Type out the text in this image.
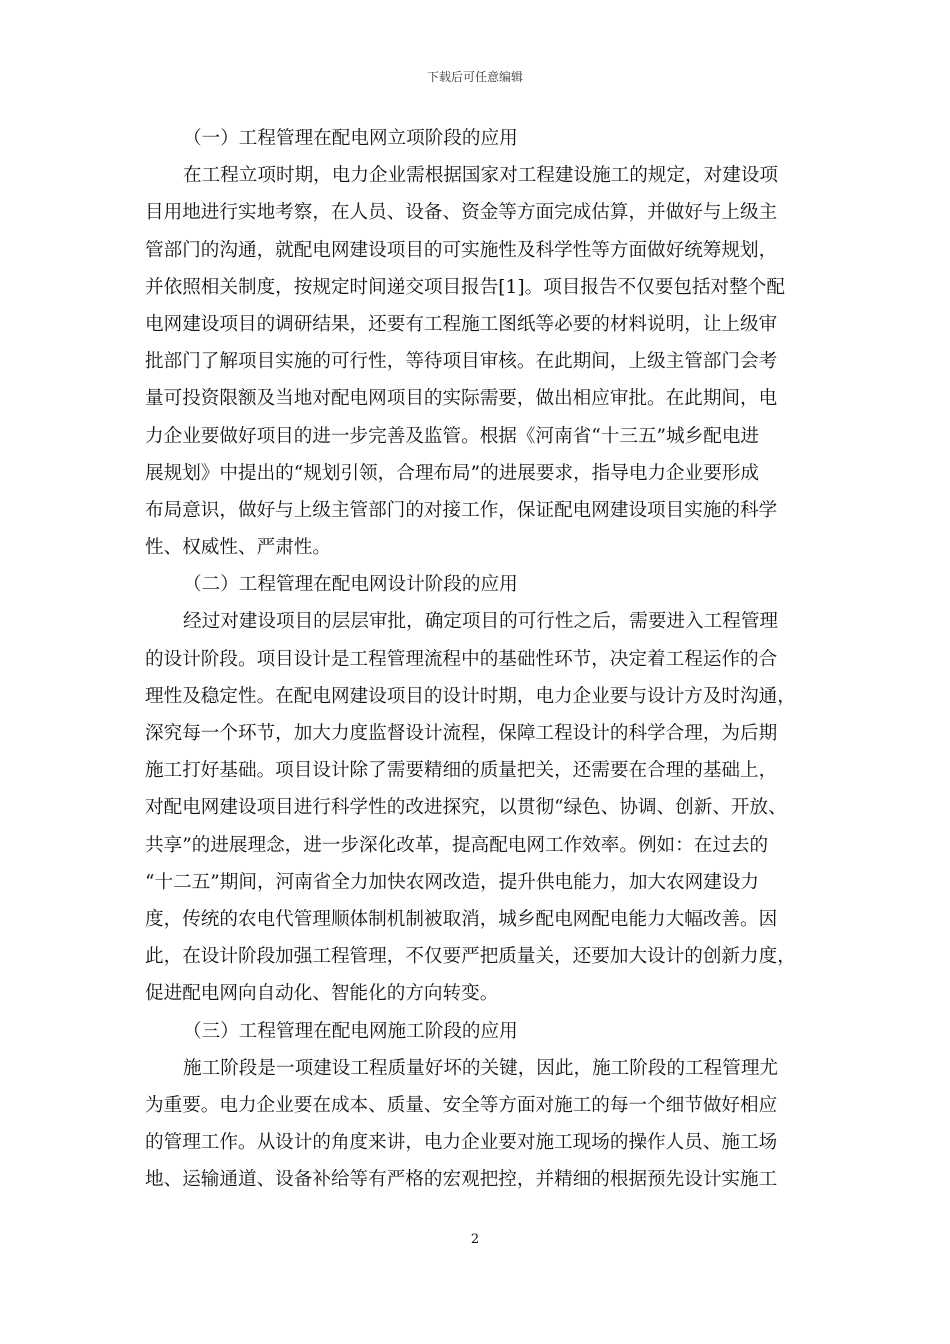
下载后可任意编辑
（一）工程管理在配电网立项阶段的应用
在工程立项时期，电力企业需根据国家对工程建设施工的规定，对建设项
目用地进行实地考察，在人员、设备、资金等方面完成估算，并做好与上级主
管部门的沟通，就配电网建设项目的可实施性及科学性等方面做好统筹规划，
并依照相关制度，按规定时间递交项目报告[1]。项目报告不仅要包括对整个配
电网建设项目的调研结果，还要有工程施工图纸等必要的材料说明，让上级审
批部门了解项目实施的可行性，等待项目审核。在此期间，上级主管部门会考
量可投资限额及当地对配电网项目的实际需要，做出相应审批。在此期间，电
力企业要做好项目的进一步完善及监管。根据《河南省“十三五”城乡配电进
展规划》中提出的“规划引领，合理布局”的进展要求，指导电力企业要形成
布局意识，做好与上级主管部门的对接工作，保证配电网建设项目实施的科学
性、权威性、严肃性。
（二）工程管理在配电网设计阶段的应用
经过对建设项目的层层审批，确定项目的可行性之后，需要进入工程管理
的设计阶段。项目设计是工程管理流程中的基础性环节，决定着工程运作的合
理性及稳定性。在配电网建设项目的设计时期，电力企业要与设计方及时沟通，
深究每一个环节，加大力度监督设计流程，保障工程设计的科学合理，为后期
施工打好基础。项目设计除了需要精细的质量把关，还需要在合理的基础上，
对配电网建设项目进行科学性的改进探究，以贯彻“绿色、协调、创新、开放、
共享”的进展理念，进一步深化改革，提高配电网工作效率。例如：在过去的
“十二五”期间，河南省全力加快农网改造，提升供电能力，加大农网建设力
度，传统的农电代管理顺体制机制被取消，城乡配电网配电能力大幅改善。因
此，在设计阶段加强工程管理，不仅要严把质量关，还要加大设计的创新力度，
促进配电网向自动化、智能化的方向转变。
（三）工程管理在配电网施工阶段的应用
施工阶段是一项建设工程质量好坏的关键，因此，施工阶段的工程管理尤
为重要。电力企业要在成本、质量、安全等方面对施工的每一个细节做好相应
的管理工作。从设计的角度来讲，电力企业要对施工现场的操作人员、施工场
地、运输通道、设备补给等有严格的宏观把控，并精细的根据预先设计实施工
2
